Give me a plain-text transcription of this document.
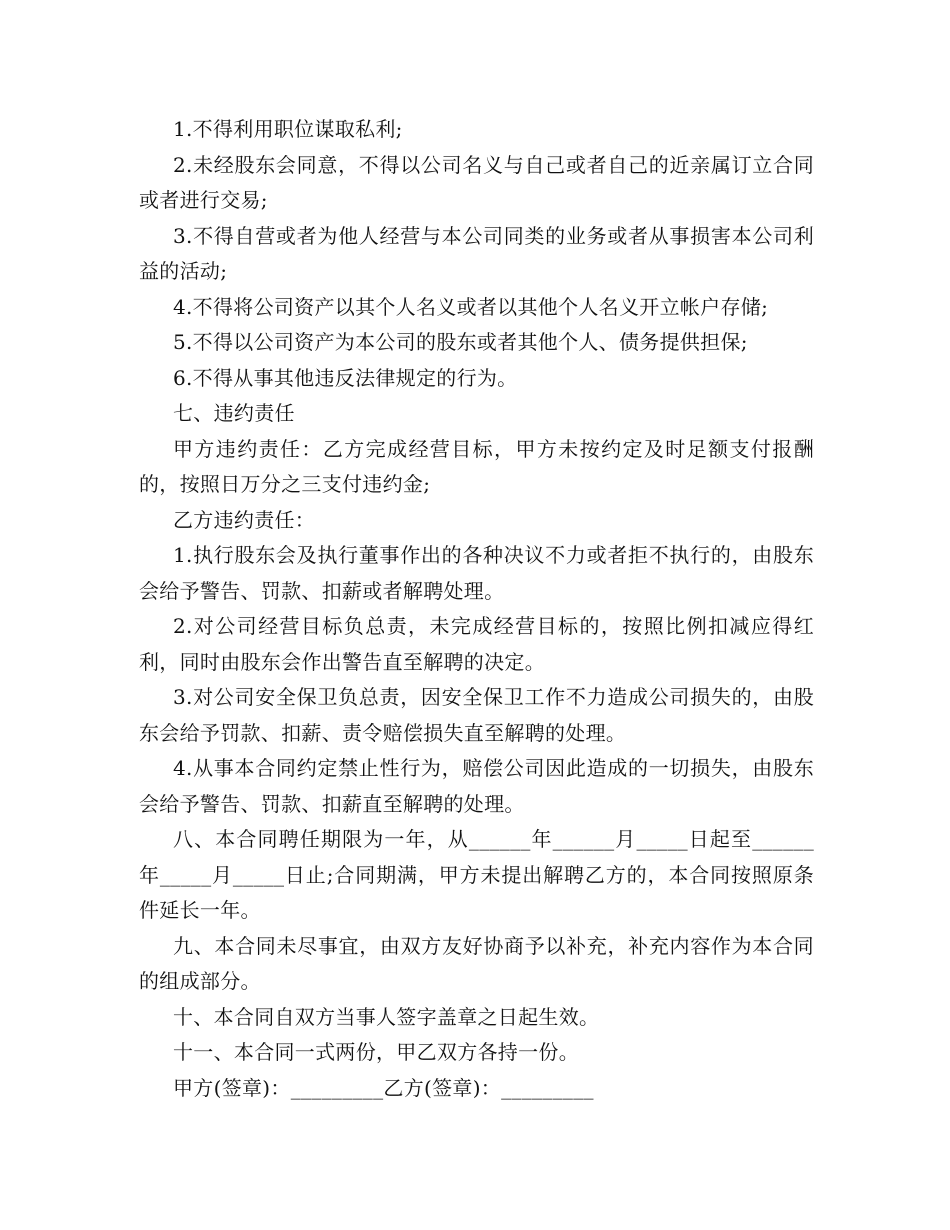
1.不得利用职位谋取私利;

2.未经股东会同意，不得以公司名义与自己或者自己的近亲属订立合同或者进行交易;

3.不得自营或者为他人经营与本公司同类的业务或者从事损害本公司利益的活动;

4.不得将公司资产以其个人名义或者以其他个人名义开立帐户存储;

5.不得以公司资产为本公司的股东或者其他个人、债务提供担保;

6.不得从事其他违反法律规定的行为。

七、违约责任

甲方违约责任：乙方完成经营目标，甲方未按约定及时足额支付报酬的，按照日万分之三支付违约金;

乙方违约责任：

1.执行股东会及执行董事作出的各种决议不力或者拒不执行的，由股东会给予警告、罚款、扣薪或者解聘处理。

2.对公司经营目标负总责，未完成经营目标的，按照比例扣减应得红利，同时由股东会作出警告直至解聘的决定。

3.对公司安全保卫负总责，因安全保卫工作不力造成公司损失的，由股东会给予罚款、扣薪、责令赔偿损失直至解聘的处理。

4.从事本合同约定禁止性行为，赔偿公司因此造成的一切损失，由股东会给予警告、罚款、扣薪直至解聘的处理。

八、本合同聘任期限为一年，从______年______月_____日起至______年_____月_____日止;合同期满，甲方未提出解聘乙方的，本合同按照原条件延长一年。

九、本合同未尽事宜，由双方友好协商予以补充，补充内容作为本合同的组成部分。

十、本合同自双方当事人签字盖章之日起生效。

十一、本合同一式两份，甲乙双方各持一份。

甲方(签章)：_________乙方(签章)：_________
